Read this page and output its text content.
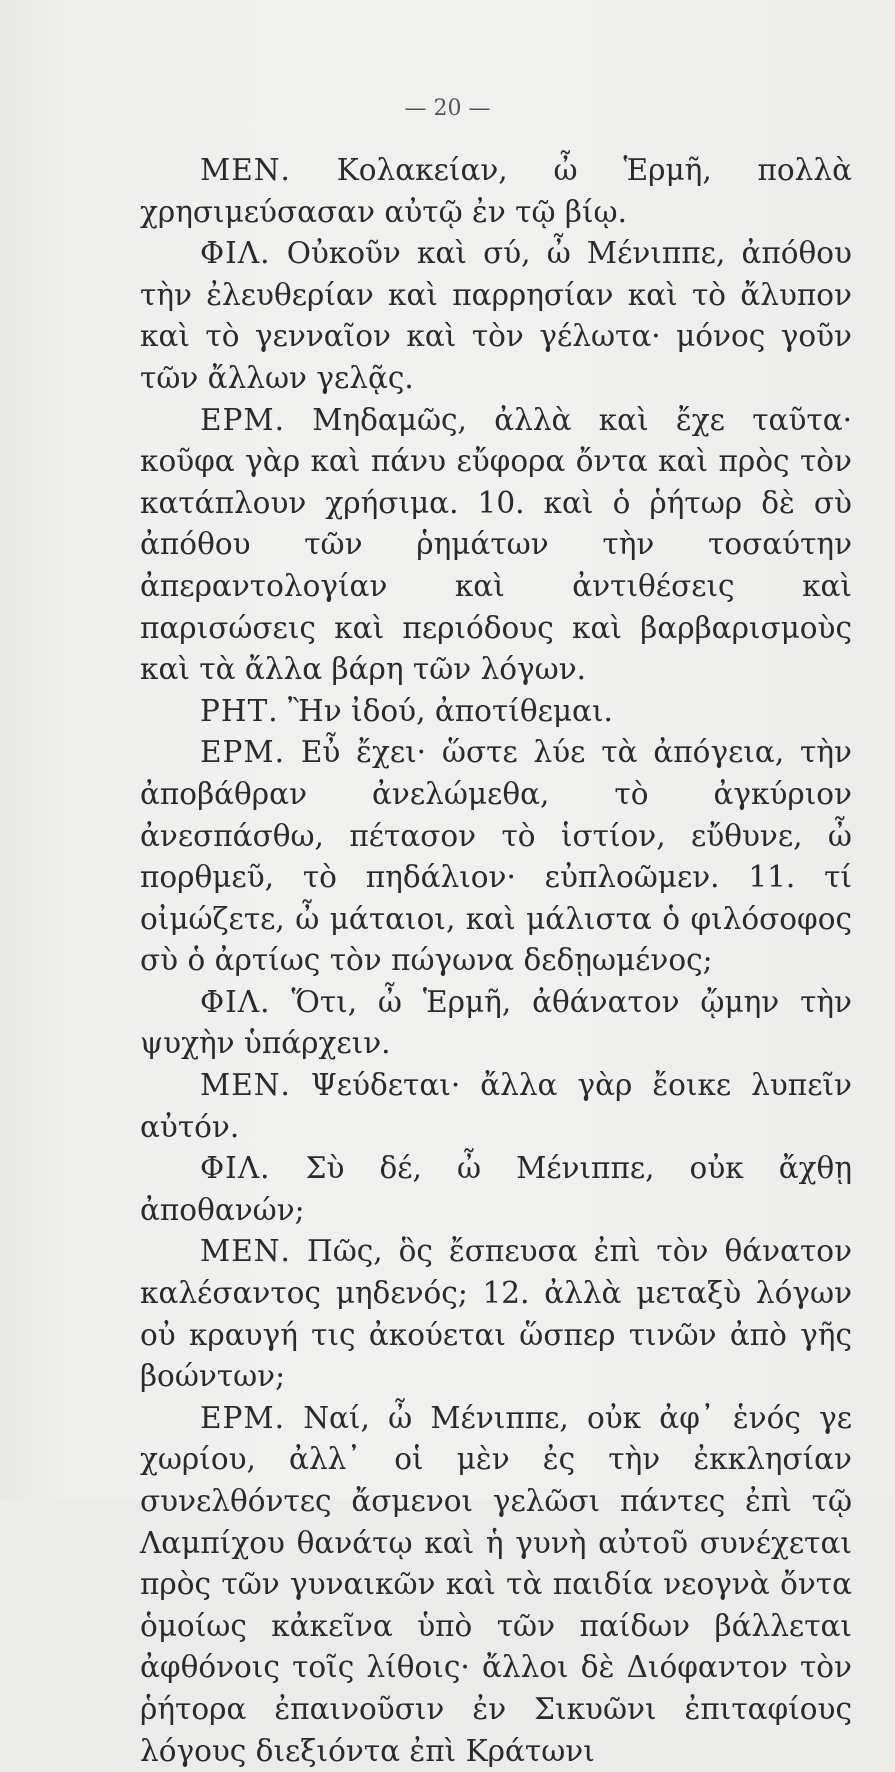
— 20 —

ΜΕΝ. Κολακείαν, ὦ Ἑρμῆ, πολλὰ χρησιμεύσασαν αὐτῷ ἐν τῷ βίῳ.

ΦΙΛ. Οὐκοῦν καὶ σύ, ὦ Μένιππε, ἀπόθου τὴν ἐλευθερίαν καὶ παρρησίαν καὶ τὸ ἄλυπον καὶ τὸ γενναῖον καὶ τὸν γέλωτα· μόνος γοῦν τῶν ἄλλων γελᾷς.

ΕΡΜ. Μηδαμῶς, ἀλλὰ καὶ ἔχε ταῦτα· κοῦφα γὰρ καὶ πάνυ εὔφορα ὄντα καὶ πρὸς τὸν κατάπλουν χρήσιμα. 10. καὶ ὁ ῥήτωρ δὲ σὺ ἀπόθου τῶν ῥημάτων τὴν τοσαύτην ἀπεραντολογίαν καὶ ἀντιθέσεις καὶ παρισώσεις καὶ περιόδους καὶ βαρβαρισμοὺς καὶ τὰ ἄλλα βάρη τῶν λόγων.

ΡΗΤ. Ἢν ἰδού, ἀποτίθεμαι.

ΕΡΜ. Εὖ ἔχει· ὥστε λύε τὰ ἀπόγεια, τὴν ἀποβάθραν ἀνελώμεθα, τὸ ἀγκύριον ἀνεσπάσθω, πέτασον τὸ ἱστίον, εὔθυνε, ὦ πορθμεῦ, τὸ πηδάλιον· εὐπλοῶμεν. 11. τί οἰμώζετε, ὦ μάταιοι, καὶ μάλιστα ὁ φιλόσοφος σὺ ὁ ἀρτίως τὸν πώγωνα δεδῃωμένος;

ΦΙΛ. Ὅτι, ὦ Ἑρμῆ, ἀθάνατον ᾤμην τὴν ψυχὴν ὑπάρχειν.

ΜΕΝ. Ψεύδεται· ἄλλα γὰρ ἔοικε λυπεῖν αὐτόν.

ΦΙΛ. Σὺ δέ, ὦ Μένιππε, οὐκ ἄχθῃ ἀποθανών;

ΜΕΝ. Πῶς, ὃς ἔσπευσα ἐπὶ τὸν θάνατον καλέσαντος μηδενός; 12. ἀλλὰ μεταξὺ λόγων οὐ κραυγή τις ἀκούεται ὥσπερ τινῶν ἀπὸ γῆς βοώντων;

ΕΡΜ. Ναί, ὦ Μένιππε, οὐκ ἀφ᾽ ἑνός γε χωρίου, ἀλλ᾽ οἱ μὲν ἐς τὴν ἐκκλησίαν συνελθόντες ἄσμενοι γελῶσι πάντες ἐπὶ τῷ Λαμπίχου θανάτῳ καὶ ἡ γυνὴ αὐτοῦ συνέχεται πρὸς τῶν γυναικῶν καὶ τὰ παιδία νεογνὰ ὄντα ὁμοίως κἀκεῖνα ὑπὸ τῶν παίδων βάλλεται ἀφθόνοις τοῖς λίθοις· ἄλλοι δὲ Διόφαντον τὸν ῥήτορα ἐπαινοῦσιν ἐν Σικυῶνι ἐπιταφίους λόγους διεξιόντα ἐπὶ Κράτωνι
